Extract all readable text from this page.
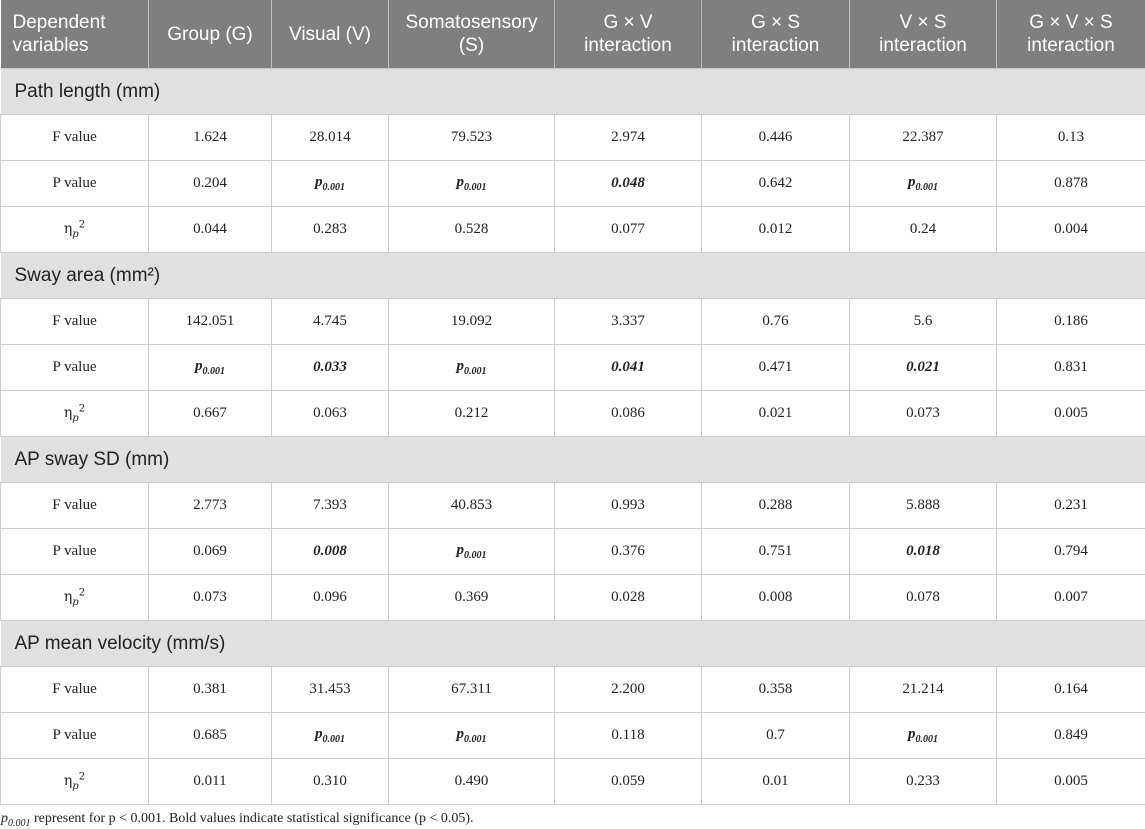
Dependent variables	Group (G)	Visual (V)	Somatosensory (S)	G × V interaction	G × S interaction	V × S interaction	G × V × S interaction
Path length (mm)							
F value	1.624	28.014	79.523	2.974	0.446	22.387	0.13
P value	0.204	$p_{0.001}$	$p_{0.001}$	0.048	0.642	$p_{0.001}$	0.878
$\eta_p^2$	0.044	0.283	0.528	0.077	0.012	0.24	0.004
Sway area (mm²)							
F value	142.051	4.745	19.092	3.337	0.76	5.6	0.186
P value	$p_{0.001}$	0.033	$p_{0.001}$	0.041	0.471	0.021	0.831
$\eta_p^2$	0.667	0.063	0.212	0.086	0.021	0.073	0.005
AP sway SD (mm)							
F value	2.773	7.393	40.853	0.993	0.288	5.888	0.231
P value	0.069	0.008	$p_{0.001}$	0.376	0.751	0.018	0.794
$\eta_p^2$	0.073	0.096	0.369	0.028	0.008	0.078	0.007
AP mean velocity (mm/s)							
F value	0.381	31.453	67.311	2.200	0.358	21.214	0.164
P value	0.685	$p_{0.001}$	$p_{0.001}$	0.118	0.7	$p_{0.001}$	0.849
$\eta_p^2$	0.011	0.310	0.490	0.059	0.01	0.233	0.005
$p_{0.001}$ represent for p < 0.001. Bold values indicate statistical significance (p < 0.05).
